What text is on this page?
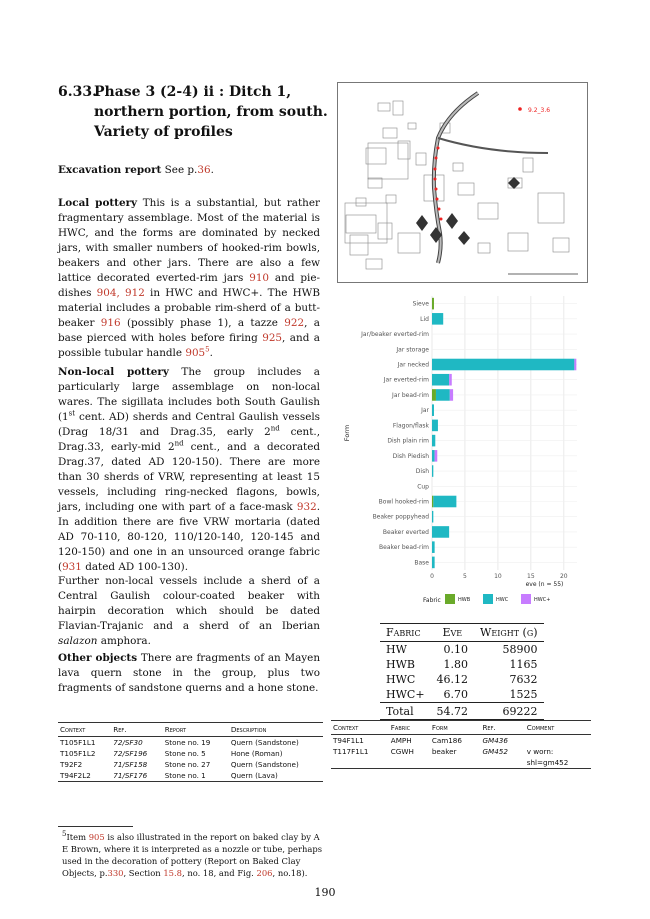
6.33.
Phase 3 (2-4) ii : Ditch 1, northern portion, from south. Variety of profiles
Excavation report See p.36.
Local pottery This is a substantial, but rather fragmentary assemblage. Most of the material is HWC, and the forms are dominated by necked jars, with smaller numbers of hooked-rim bowls, beakers and other jars. There are also a few lattice decorated everted-rim jars 910 and pie-dishes 904, 912 in HWC and HWC+. The HWB material includes a probable rim-sherd of a butt-beaker 916 (possibly phase 1), a tazze 922, a base pierced with holes before firing 925, and a possible tubular handle $905^5$.
Non-local pottery The group includes a particularly large assemblage on non-local wares. The sigillata includes both South Gaulish (1st cent. AD) sherds and Central Gaulish vessels (Drag 18/31 and Drag.35, early 2nd cent., Drag.33, early-mid 2nd cent., and a decorated Drag.37, dated AD 120-150). There are more than 30 sherds of VRW, representing at least 15 vessels, including ring-necked flagons, bowls, jars, including one with part of a face-mask 932. In addition there are five VRW mortaria (dated AD 70-110, 80-120, 110/120-140, 120-145 and 120-150) and one in an unsourced orange fabric (931 dated AD 100-130).
Further non-local vessels include a sherd of a Central Gaulish colour-coated beaker with hairpin decoration which should be dated Flavian-Trajanic and a sherd of an Iberian salazon amphora.
Other objects There are fragments of an Mayen lava quern stone in the group, plus two fragments of sandstone querns and a hone stone.
9.2_3.6
0	5	10	15	20
Sieve
Lid
Jar/beaker everted-rim
Jar storage
Jar necked
Jar everted-rim
Jar bead-rim
Jar
Flagon/flask
Dish plain rim
Dish Piedish
Dish
Cup
Bowl hooked-rim
Beaker poppyhead
Beaker everted
Beaker bead-rim
Base
eve (n = 55)
Form
Fabric	HWB	HWC	HWC+
Fabric	Eve	Weight (g)
HW	0.10	58900
HWB	1.80	1165
HWC	46.12	7632
HWC+	6.70	1525
Total	54.72	69222
Context	Ref.	Report	Description
T105F1L1	72/SF30	Stone no. 19	Quern (Sandstone)
T105F1L2	72/SF196	Stone no. 5	Hone (Roman)
T92F2	71/SF158	Stone no. 27	Quern (Sandstone)
T94F2L2	71/SF176	Stone no. 1	Quern (Lava)
Context	Fabric	Form	Ref.	Comment
T94F1L1	AMPH	Cam186	GM436	
T117F1L1	CGWH	beaker	GM452	v worn:
				shl=gm452
$^5$Item 905 is also illustrated in the report on baked clay by A E Brown, where it is interpreted as a nozzle or tube, perhaps used in the decoration of pottery (Report on Baked Clay Objects, p.330, Section 15.8, no. 18, and Fig. 206, no.18).
190
